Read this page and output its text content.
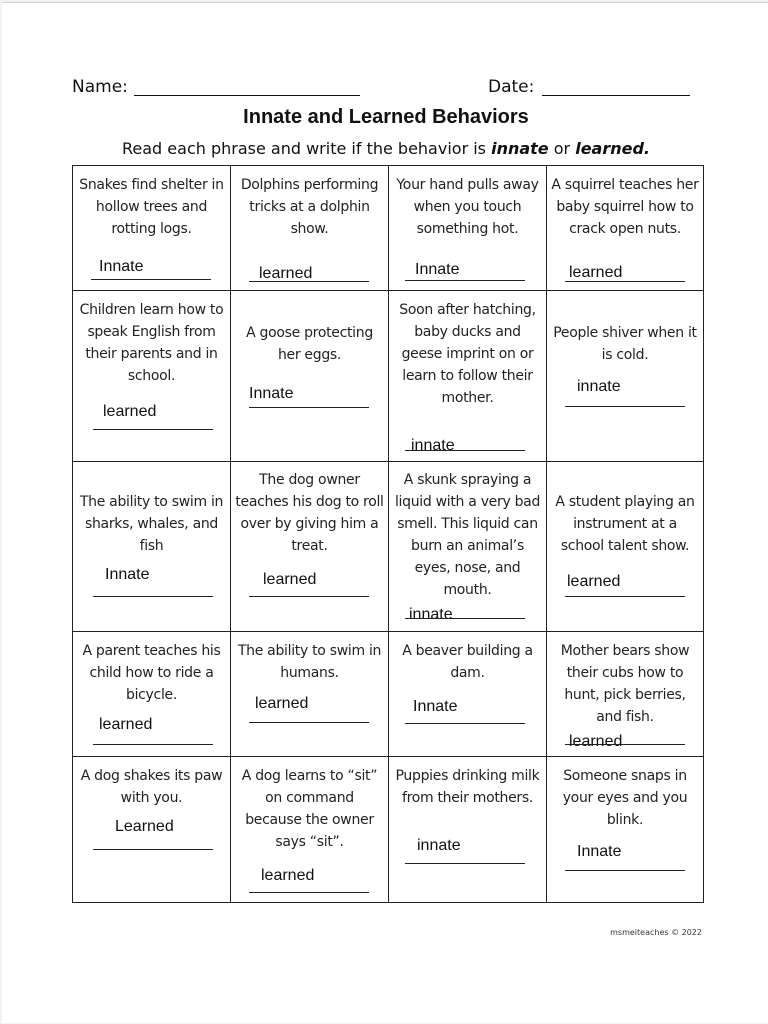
Name:	Date:
Innate and Learned Behaviors
Read each phrase and write if the behavior is innate or learned.
Snakes find shelter in hollow trees and rotting logs.
Innate
Dolphins performing tricks at a dolphin show.
learned
Your hand pulls away when you touch something hot.
Innate
A squirrel teaches her baby squirrel how to crack open nuts.
learned
Children learn how to speak English from their parents and in school.
learned
A goose protecting her eggs.
Innate
Soon after hatching, baby ducks and geese imprint on or learn to follow their mother.
innate
People shiver when it is cold.
innate
The ability to swim in sharks, whales, and fish
Innate
The dog owner teaches his dog to roll over by giving him a treat.
learned
A skunk spraying a liquid with a very bad smell. This liquid can burn an animal’s eyes, nose, and mouth.
innate
A student playing an instrument at a school talent show.
learned
A parent teaches his child how to ride a bicycle.
learned
The ability to swim in humans.
learned
A beaver building a dam.
Innate
Mother bears show their cubs how to hunt, pick berries, and fish.
learned
A dog shakes its paw with you.
Learned
A dog learns to “sit” on command because the owner says “sit”.
learned
Puppies drinking milk from their mothers.
innate
Someone snaps in your eyes and you blink.
Innate
msmeiteaches © 2022
